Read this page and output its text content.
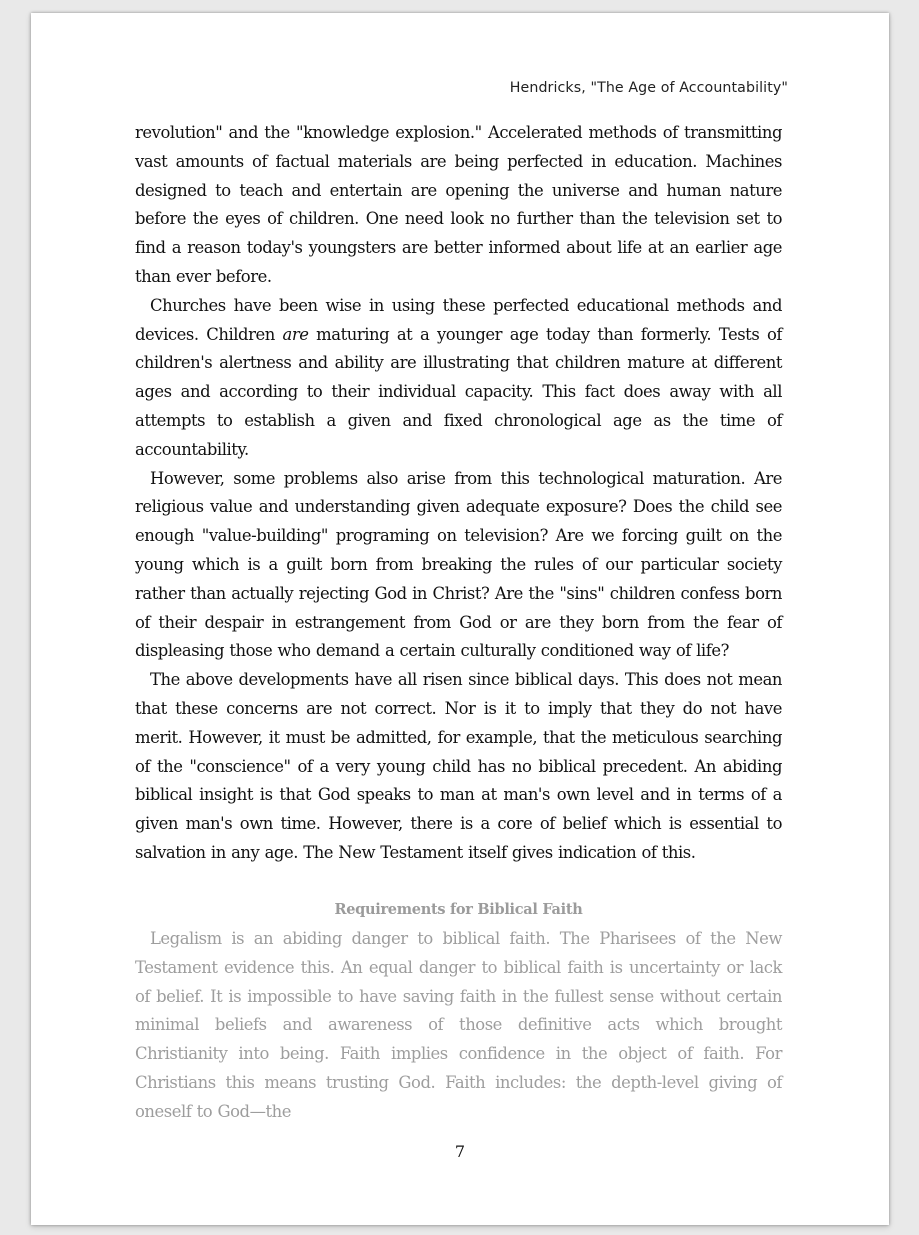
Hendricks, "The Age of Accountability"

revolution" and the "knowledge explosion." Accelerated methods of transmitting vast amounts of factual materials are being perfected in education. Machines designed to teach and entertain are opening the universe and human nature before the eyes of children. One need look no further than the television set to find a reason today's youngsters are better informed about life at an earlier age than ever before.

Churches have been wise in using these perfected educational methods and devices. Children are maturing at a younger age today than formerly. Tests of children's alertness and ability are illustrating that children mature at different ages and according to their individual capacity. This fact does away with all attempts to establish a given and fixed chronological age as the time of accountability.

However, some problems also arise from this technological maturation. Are religious value and understanding given adequate exposure? Does the child see enough "value-building" programing on television? Are we forcing guilt on the young which is a guilt born from breaking the rules of our particular society rather than actually rejecting God in Christ? Are the "sins" children confess born of their despair in estrangement from God or are they born from the fear of displeasing those who demand a certain culturally conditioned way of life?

The above developments have all risen since biblical days. This does not mean that these concerns are not correct. Nor is it to imply that they do not have merit. However, it must be admitted, for example, that the meticulous searching of the "conscience" of a very young child has no biblical precedent. An abiding biblical insight is that God speaks to man at man's own level and in terms of a given man's own time. However, there is a core of belief which is essential to salvation in any age. The New Testament itself gives indication of this.

Requirements for Biblical Faith

Legalism is an abiding danger to biblical faith. The Pharisees of the New Testament evidence this. An equal danger to biblical faith is uncertainty or lack of belief. It is impossible to have saving faith in the fullest sense without certain minimal beliefs and awareness of those definitive acts which brought Christianity into being. Faith implies confidence in the object of faith. For Christians this means trusting God. Faith includes: the depth-level giving of oneself to God—the

7
